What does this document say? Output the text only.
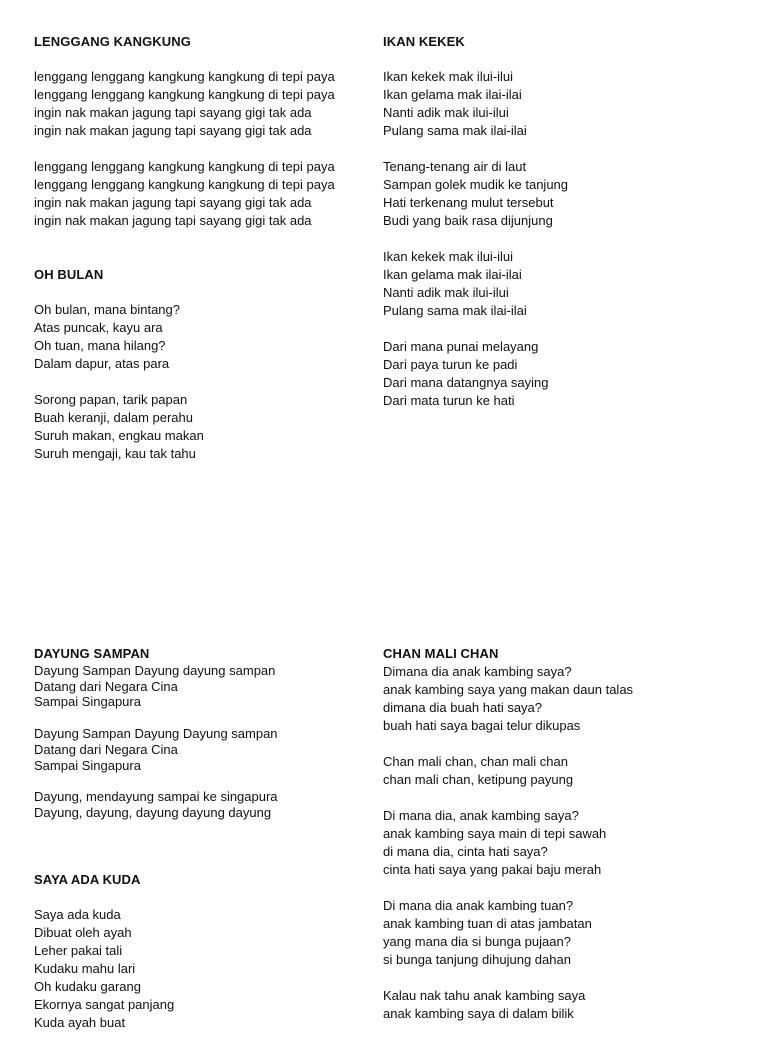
LENGGANG KANGKUNG
lenggang lenggang kangkung kangkung di tepi paya
lenggang lenggang kangkung kangkung di tepi paya
ingin nak makan jagung tapi sayang gigi tak ada
ingin nak makan jagung tapi sayang gigi tak ada
lenggang lenggang kangkung kangkung di tepi paya
lenggang lenggang kangkung kangkung di tepi paya
ingin nak makan jagung tapi sayang gigi tak ada
ingin nak makan jagung tapi sayang gigi tak ada
OH BULAN
Oh bulan, mana bintang?
Atas puncak, kayu ara
Oh tuan, mana hilang?
Dalam dapur, atas para
Sorong papan, tarik papan
Buah keranji, dalam perahu
Suruh makan, engkau makan
Suruh mengaji, kau tak tahu
IKAN KEKEK
Ikan kekek mak ilui-ilui
Ikan gelama mak ilai-ilai
Nanti adik mak ilui-ilui
Pulang sama mak ilai-ilai
Tenang-tenang air di laut
Sampan golek mudik ke tanjung
Hati terkenang mulut tersebut
Budi yang baik rasa dijunjung
Ikan kekek mak ilui-ilui
Ikan gelama mak ilai-ilai
Nanti adik mak ilui-ilui
Pulang sama mak ilai-ilai
Dari mana punai melayang
Dari paya turun ke padi
Dari mana datangnya saying
Dari mata turun ke hati
DAYUNG SAMPAN
Dayung Sampan Dayung dayung sampan
Datang dari Negara Cina
Sampai Singapura
Dayung Sampan Dayung Dayung sampan
Datang dari Negara Cina
Sampai Singapura
Dayung, mendayung sampai ke singapura
Dayung, dayung, dayung dayung dayung
SAYA ADA KUDA
Saya ada kuda
Dibuat oleh ayah
Leher pakai tali
Kudaku mahu lari
Oh kudaku garang
Ekornya sangat panjang
Kuda ayah buat
CHAN MALI CHAN
Dimana dia anak kambing saya?
anak kambing saya yang makan daun talas
dimana dia buah hati saya?
buah hati saya bagai telur dikupas
Chan mali chan, chan mali chan
chan mali chan, ketipung payung
Di mana dia, anak kambing saya?
anak kambing saya main di tepi sawah
di mana dia, cinta hati saya?
cinta hati saya yang pakai baju merah
Di mana dia anak kambing tuan?
anak kambing tuan di atas jambatan
yang mana dia si bunga pujaan?
si bunga tanjung dihujung dahan
Kalau nak tahu anak kambing saya
anak kambing saya di dalam bilik
